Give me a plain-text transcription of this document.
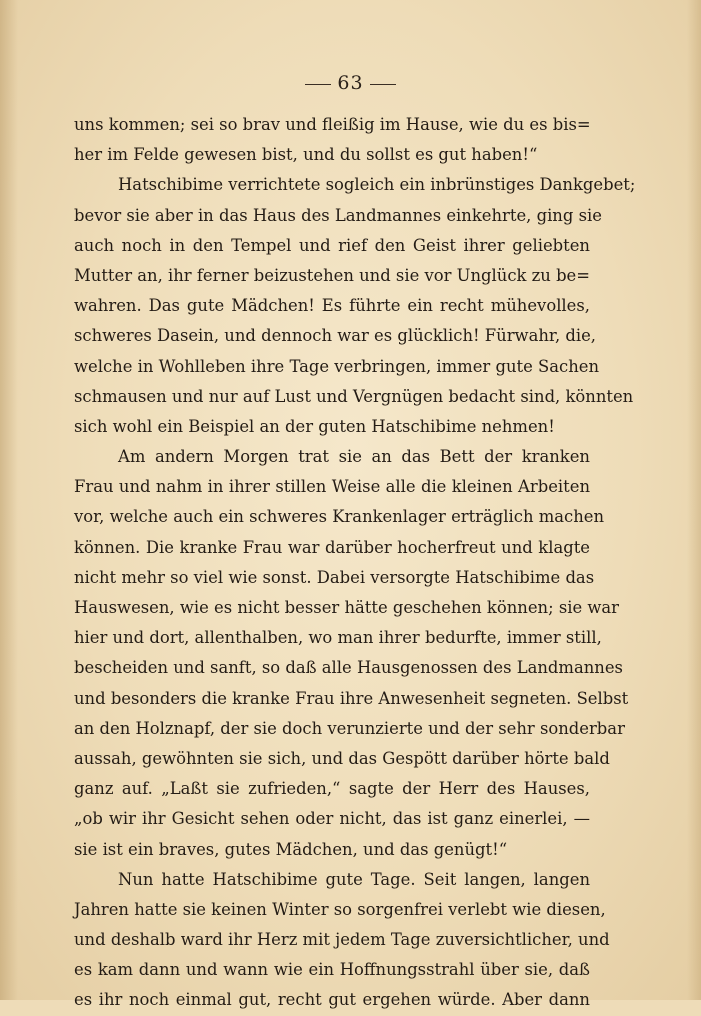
63
uns kommen; sei so brav und fleißig im Hause, wie du es bis=
her im Felde gewesen bist, und du sollst es gut haben!“
Hatschibime verrichtete sogleich ein inbrünstiges Dankgebet;
bevor sie aber in das Haus des Landmannes einkehrte, ging sie
auch noch in den Tempel und rief den Geist ihrer geliebten
Mutter an, ihr ferner beizustehen und sie vor Unglück zu be=
wahren. Das gute Mädchen! Es führte ein recht mühevolles,
schweres Dasein, und dennoch war es glücklich! Fürwahr, die,
welche in Wohlleben ihre Tage verbringen, immer gute Sachen
schmausen und nur auf Lust und Vergnügen bedacht sind, könnten
sich wohl ein Beispiel an der guten Hatschibime nehmen!
Am andern Morgen trat sie an das Bett der kranken
Frau und nahm in ihrer stillen Weise alle die kleinen Arbeiten
vor, welche auch ein schweres Krankenlager erträglich machen
können. Die kranke Frau war darüber hocherfreut und klagte
nicht mehr so viel wie sonst. Dabei versorgte Hatschibime das
Hauswesen, wie es nicht besser hätte geschehen können; sie war
hier und dort, allenthalben, wo man ihrer bedurfte, immer still,
bescheiden und sanft, so daß alle Hausgenossen des Landmannes
und besonders die kranke Frau ihre Anwesenheit segneten. Selbst
an den Holznapf, der sie doch verunzierte und der sehr sonderbar
aussah, gewöhnten sie sich, und das Gespött darüber hörte bald
ganz auf. „Laßt sie zufrieden,“ sagte der Herr des Hauses,
„ob wir ihr Gesicht sehen oder nicht, das ist ganz einerlei, —
sie ist ein braves, gutes Mädchen, und das genügt!“
Nun hatte Hatschibime gute Tage. Seit langen, langen
Jahren hatte sie keinen Winter so sorgenfrei verlebt wie diesen,
und deshalb ward ihr Herz mit jedem Tage zuversichtlicher, und
es kam dann und wann wie ein Hoffnungsstrahl über sie, daß
es ihr noch einmal gut, recht gut ergehen würde. Aber dann
